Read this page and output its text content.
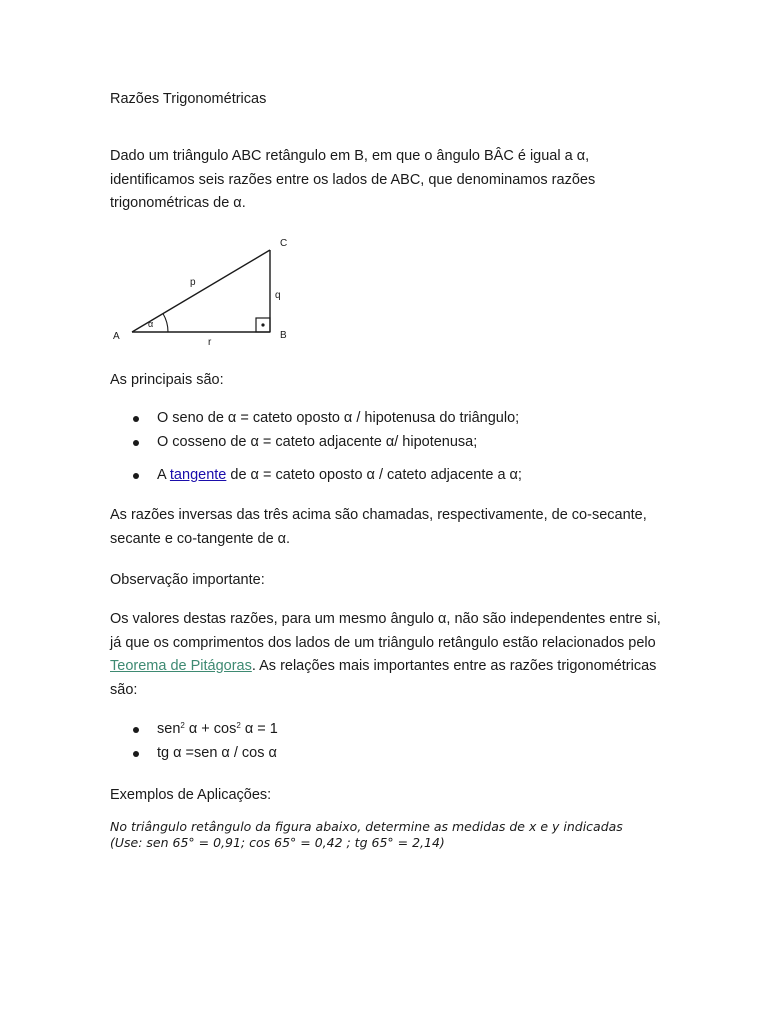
Razões Trigonométricas

Dado um triângulo ABC retângulo em B, em que o ângulo BÂC é igual a α, identificamos seis razões entre os lados de ABC, que denominamos razões trigonométricas de α.

A	B
C
p
q
r
α
As principais são:
O seno de α = cateto oposto α / hipotenusa do triângulo;
O cosseno de α = cateto adjacente α/ hipotenusa;
A tangente de α = cateto oposto α / cateto adjacente a α;

As razões inversas das três acima são chamadas, respectivamente, de co-secante, secante e co-tangente de α.

Observação importante:

Os valores destas razões, para um mesmo ângulo α, não são independentes entre si, já que os comprimentos dos lados de um triângulo retângulo estão relacionados pelo Teorema de Pitágoras. As relações mais importantes entre as razões trigonométricas são:

sen$^2$ $\alpha + \cos^2 \alpha = 1$
tg α =sen α / cos α
Exemplos de Aplicações:

No triângulo retângulo da figura abaixo, determine as medidas de x e y indicadas
(Use: sen 65° = 0,91; cos 65° = 0,42 ; tg 65° = 2,14)
